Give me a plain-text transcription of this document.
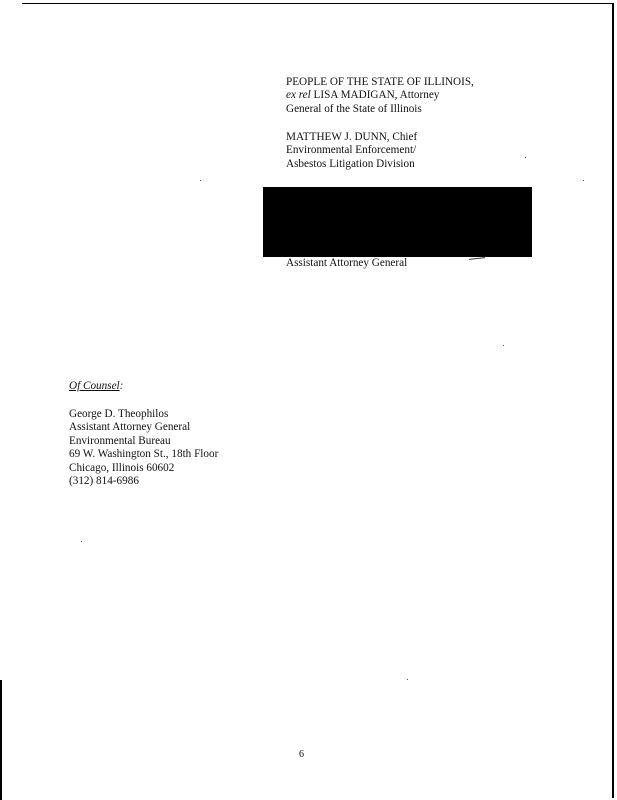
PEOPLE OF THE STATE OF ILLINOIS,
ex rel LISA MADIGAN, Attorney
General of the State of Illinois
MATTHEW J. DUNN, Chief
Environmental Enforcement/
Asbestos Litigation Division
Assistant Attorney General
Of Counsel:
George D. Theophilos
Assistant Attorney General
Environmental Bureau
69 W. Washington St., 18th Floor
Chicago, Illinois 60602
(312) 814-6986
6
